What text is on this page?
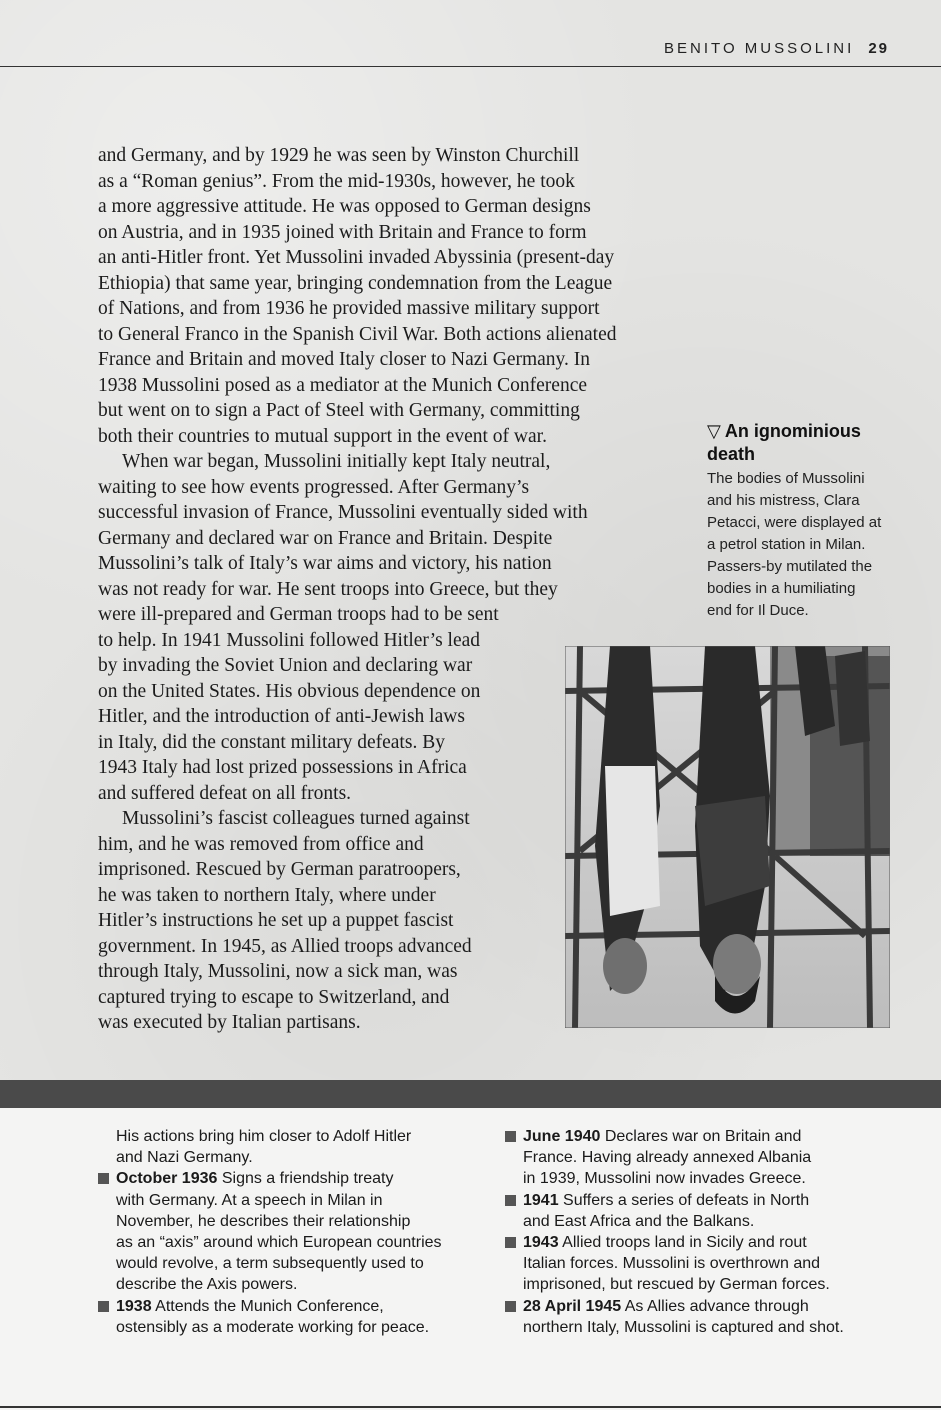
BENITO MUSSOLINI 29

and Germany, and by 1929 he was seen by Winston Churchill
as a “Roman genius”. From the mid-1930s, however, he took
a more aggressive attitude. He was opposed to German designs
on Austria, and in 1935 joined with Britain and France to form
an anti-Hitler front. Yet Mussolini invaded Abyssinia (present-day
Ethiopia) that same year, bringing condemnation from the League
of Nations, and from 1936 he provided massive military support
to General Franco in the Spanish Civil War. Both actions alienated
France and Britain and moved Italy closer to Nazi Germany. In
1938 Mussolini posed as a mediator at the Munich Conference
but went on to sign a Pact of Steel with Germany, committing
both their countries to mutual support in the event of war.

When war began, Mussolini initially kept Italy neutral,
waiting to see how events progressed. After Germany’s
successful invasion of France, Mussolini eventually sided with
Germany and declared war on France and Britain. Despite
Mussolini’s talk of Italy’s war aims and victory, his nation
was not ready for war. He sent troops into Greece, but they
were ill-prepared and German troops had to be sent
to help. In 1941 Mussolini followed Hitler’s lead
by invading the Soviet Union and declaring war
on the United States. His obvious dependence on
Hitler, and the introduction of anti-Jewish laws
in Italy, did the constant military defeats. By
1943 Italy had lost prized possessions in Africa
and suffered defeat on all fronts.

Mussolini’s fascist colleagues turned against
him, and he was removed from office and
imprisoned. Rescued by German paratroopers,
he was taken to northern Italy, where under
Hitler’s instructions he set up a puppet fascist
government. In 1945, as Allied troops advanced
through Italy, Mussolini, now a sick man, was
captured trying to escape to Switzerland, and
was executed by Italian partisans.

▽ An ignominious
death
The bodies of Mussolini
and his mistress, Clara
Petacci, were displayed at
a petrol station in Milan.
Passers-by mutilated the
bodies in a humiliating
end for Il Duce.
His actions bring him closer to Adolf Hitler
and Nazi Germany.
October 1936 Signs a friendship treaty
with Germany. At a speech in Milan in
November, he describes their relationship
as an “axis” around which European countries
would revolve, a term subsequently used to
describe the Axis powers.
1938 Attends the Munich Conference,
ostensibly as a moderate working for peace.
June 1940 Declares war on Britain and
France. Having already annexed Albania
in 1939, Mussolini now invades Greece.
1941 Suffers a series of defeats in North
and East Africa and the Balkans.
1943 Allied troops land in Sicily and rout
Italian forces. Mussolini is overthrown and
imprisoned, but rescued by German forces.
28 April 1945 As Allies advance through
northern Italy, Mussolini is captured and shot.
